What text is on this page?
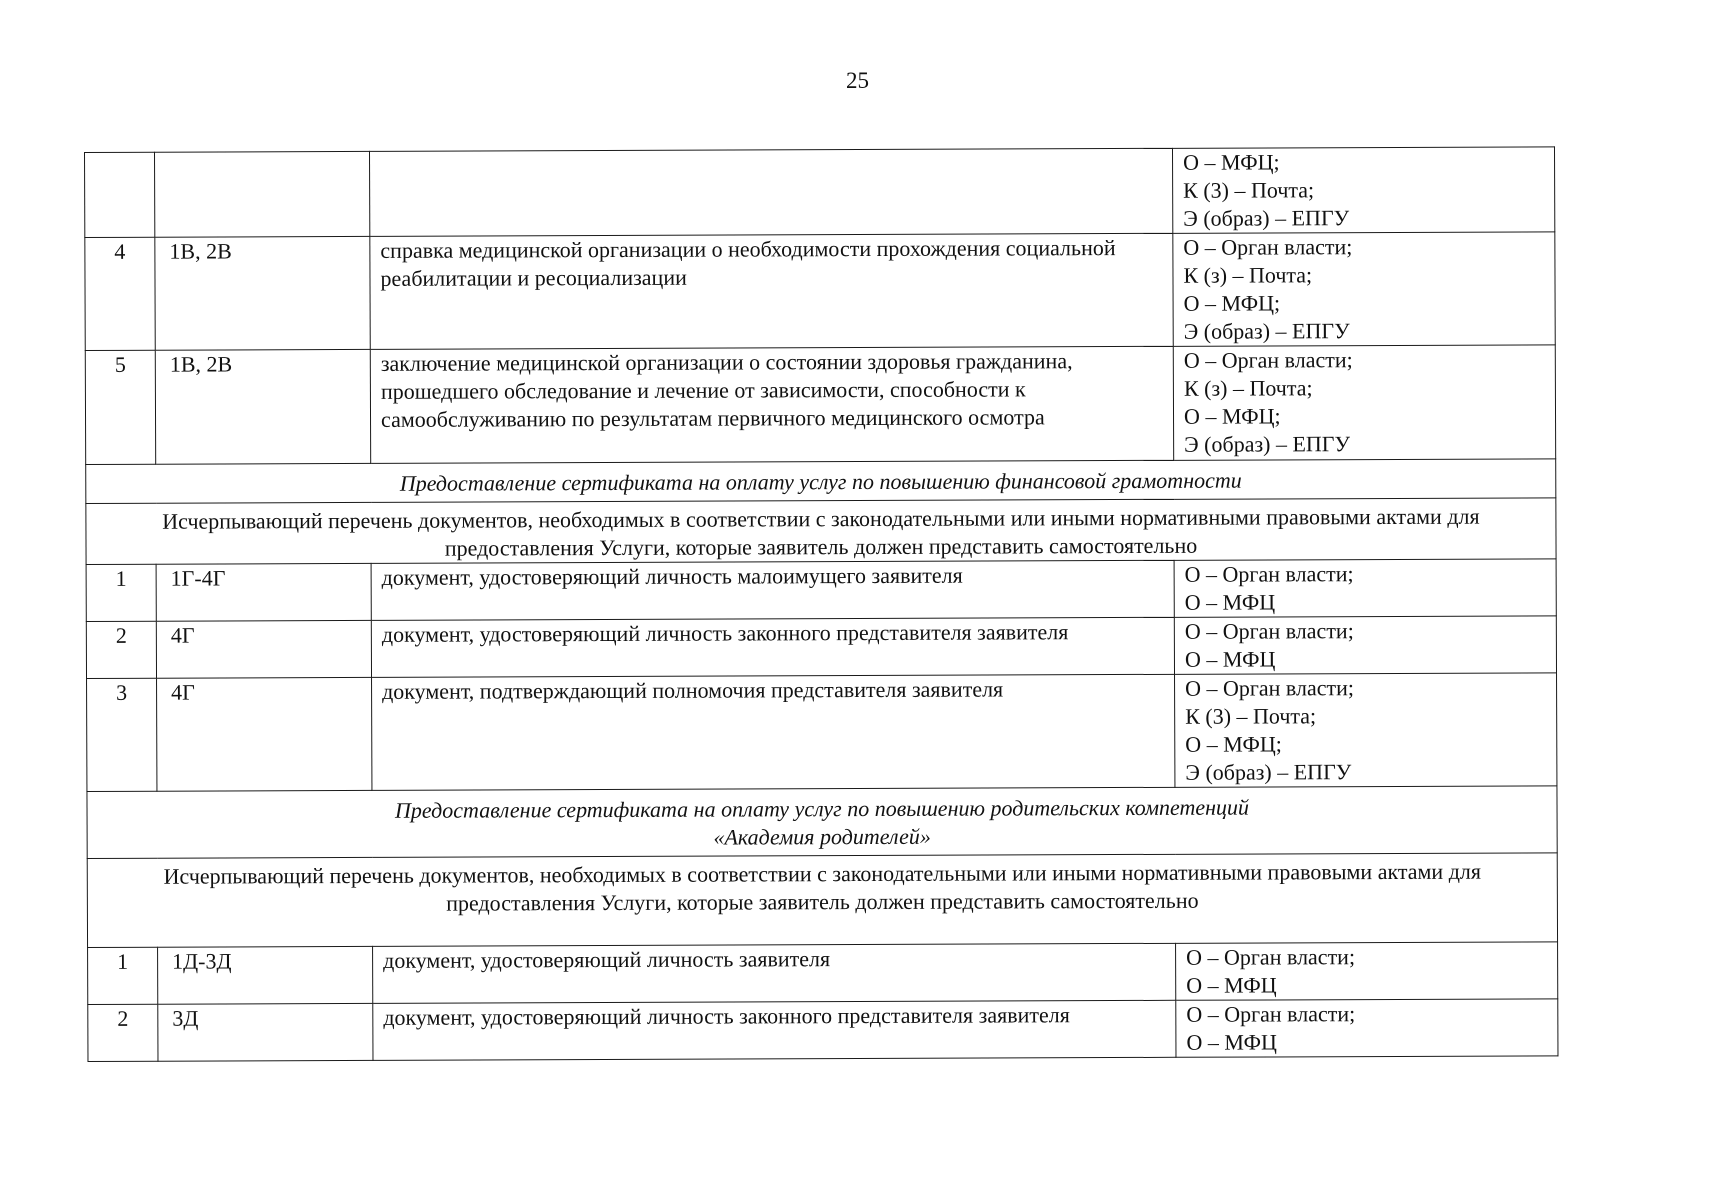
25

			О – МФЦ;
К (3) – Почта;
Э (образ) – ЕПГУ

4	1В, 2В	справка медицинской организации о необходимости прохождения социальной реабилитации и ресоциализации	О – Орган власти;
К (з) – Почта;
О – МФЦ;
Э (образ) – ЕПГУ

5	1В, 2В	заключение медицинской организации о состоянии здоровья гражданина, прошедшего обследование и лечение от зависимости, способности к самообслуживанию по результатам первичного медицинского осмотра	О – Орган власти;
К (з) – Почта;
О – МФЦ;
Э (образ) – ЕПГУ

Предоставление сертификата на оплату услуг по повышению финансовой грамотности			
Исчерпывающий перечень документов, необходимых в соответствии с законодательными или иными нормативными правовыми актами для предоставления Услуги, которые заявитель должен представить самостоятельно			
1	1Г-4Г	документ, удостоверяющий личность малоимущего заявителя	О – Орган власти;
О – МФЦ

2	4Г	документ, удостоверяющий личность законного представителя заявителя	О – Орган власти;
О – МФЦ

3	4Г	документ, подтверждающий полномочия представителя заявителя	О – Орган власти;
К (3) – Почта;
О – МФЦ;
Э (образ) – ЕПГУ

Предоставление сертификата на оплату услуг по повышению родительских компетенций
«Академия родителей»			

Исчерпывающий перечень документов, необходимых в соответствии с законодательными или иными нормативными правовыми актами для предоставления Услуги, которые заявитель должен представить самостоятельно			
1	1Д-3Д	документ, удостоверяющий личность заявителя	О – Орган власти;
О – МФЦ

2	3Д	документ, удостоверяющий личность законного представителя заявителя	О – Орган власти;
О – МФЦ
